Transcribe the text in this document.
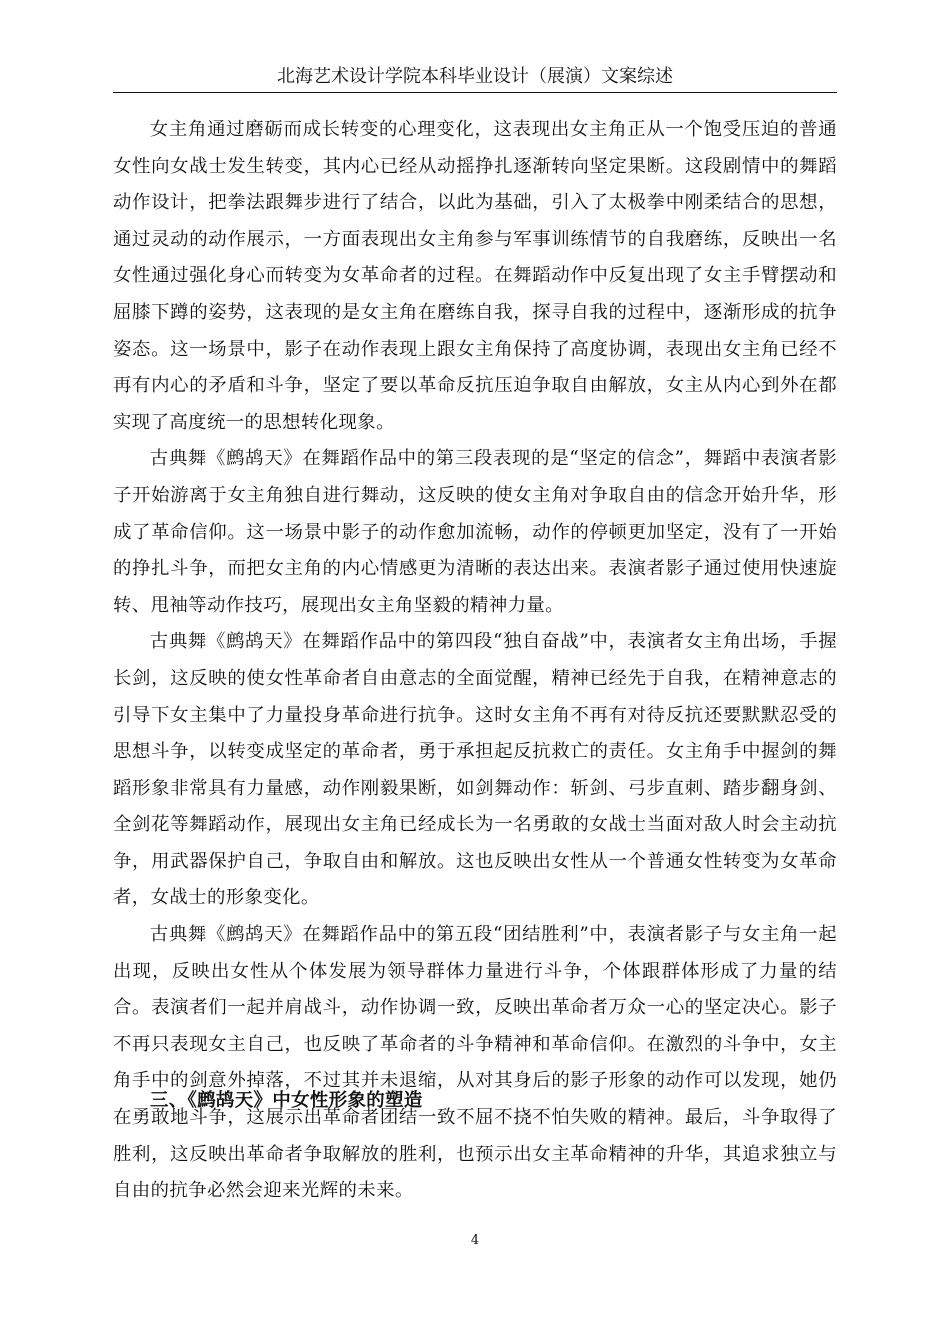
北海艺术设计学院本科毕业设计（展演）文案综述

女主角通过磨砺而成长转变的心理变化，这表现出女主角正从一个饱受压迫的普通女性向女战士发生转变，其内心已经从动摇挣扎逐渐转向坚定果断。这段剧情中的舞蹈动作设计，把拳法跟舞步进行了结合，以此为基础，引入了太极拳中刚柔结合的思想，通过灵动的动作展示，一方面表现出女主角参与军事训练情节的自我磨练，反映出一名女性通过强化身心而转变为女革命者的过程。在舞蹈动作中反复出现了女主手臂摆动和屈膝下蹲的姿势，这表现的是女主角在磨练自我，探寻自我的过程中，逐渐形成的抗争姿态。这一场景中，影子在动作表现上跟女主角保持了高度协调，表现出女主角已经不再有内心的矛盾和斗争，坚定了要以革命反抗压迫争取自由解放，女主从内心到外在都实现了高度统一的思想转化现象。

古典舞《鹧鸪天》在舞蹈作品中的第三段表现的是“坚定的信念”，舞蹈中表演者影子开始游离于女主角独自进行舞动，这反映的使女主角对争取自由的信念开始升华，形成了革命信仰。这一场景中影子的动作愈加流畅，动作的停顿更加坚定，没有了一开始的挣扎斗争，而把女主角的内心情感更为清晰的表达出来。表演者影子通过使用快速旋转、甩袖等动作技巧，展现出女主角坚毅的精神力量。

古典舞《鹧鸪天》在舞蹈作品中的第四段“独自奋战”中，表演者女主角出场，手握长剑，这反映的使女性革命者自由意志的全面觉醒，精神已经先于自我，在精神意志的引导下女主集中了力量投身革命进行抗争。这时女主角不再有对待反抗还要默默忍受的思想斗争，以转变成坚定的革命者，勇于承担起反抗救亡的责任。女主角手中握剑的舞蹈形象非常具有力量感，动作刚毅果断，如剑舞动作：斩剑、弓步直刺、踏步翻身剑、全剑花等舞蹈动作，展现出女主角已经成长为一名勇敢的女战士当面对敌人时会主动抗争，用武器保护自己，争取自由和解放。这也反映出女性从一个普通女性转变为女革命者，女战士的形象变化。

古典舞《鹧鸪天》在舞蹈作品中的第五段“团结胜利”中，表演者影子与女主角一起出现，反映出女性从个体发展为领导群体力量进行斗争，个体跟群体形成了力量的结合。表演者们一起并肩战斗，动作协调一致，反映出革命者万众一心的坚定决心。影子不再只表现女主自己，也反映了革命者的斗争精神和革命信仰。在激烈的斗争中，女主角手中的剑意外掉落，不过其并未退缩，从对其身后的影子形象的动作可以发现，她仍在勇敢地斗争，这展示出革命者团结一致不屈不挠不怕失败的精神。最后，斗争取得了胜利，这反映出革命者争取解放的胜利，也预示出女主革命精神的升华，其追求独立与自由的抗争必然会迎来光辉的未来。

三、《鹧鸪天》中女性形象的塑造
4
